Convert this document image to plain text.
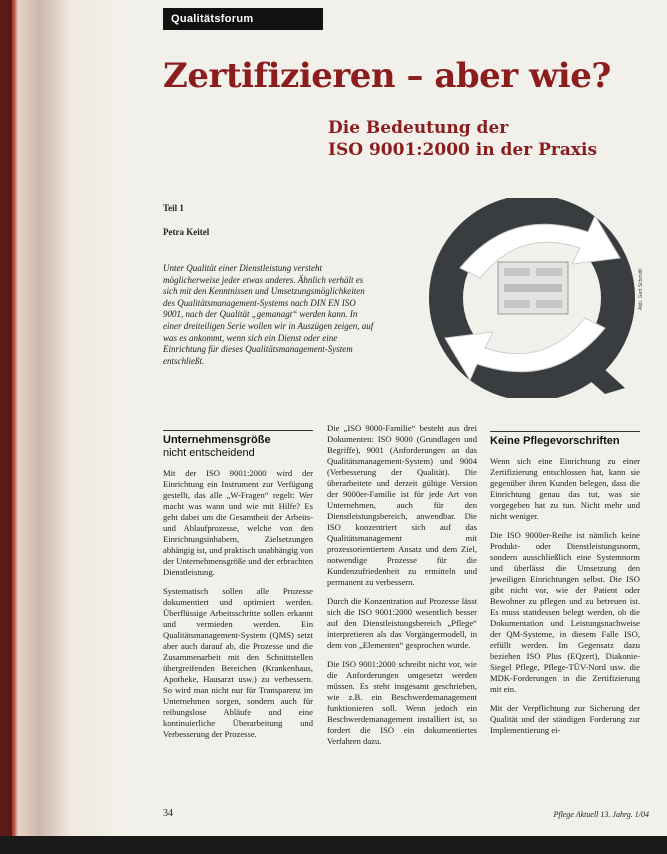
Qualitätsforum
Zertifizieren – aber wie?
Die Bedeutung der
ISO 9001:2000 in der Praxis
Teil 1
Petra Keitel

Unter Qualität einer Dienstleistung versteht möglicherweise jeder etwas anderes. Ähnlich verhält es sich mit den Kenntnissen und Umsetzungsmöglichkeiten des Qualitätsmanagement-Systems nach DIN EN ISO 9001, nach der Qualität „gemanagt“ werden kann. In einer dreiteiligen Serie wollen wir in Auszügen zeigen, auf was es ankommt, wenn sich ein Dienst oder eine Einrichtung für dieses Qualitätsmanagement-System entschließt.

Abb. Gert Schmidt
Unternehmensgröße
nicht entscheidend

Mit der ISO 9001:2000 wird der Einrichtung ein Instrument zur Verfügung gestellt, das alle „W-Fragen“ regelt: Wer macht was wann und wie mit Hilfe? Es geht dabei um die Gesamtheit der Arbeits- und Ablaufprozesse, welche von den Einrichtungsinhabern, Zielsetzungen abhängig ist, und praktisch unabhängig von der Unternehmensgröße und der erbrachten Dienstleistung.

Systematisch sollen alle Prozesse dokumentiert und optimiert werden. Überflüssige Arbeitsschritte sollen erkannt und vermieden werden. Ein Qualitätsmanagement-System (QMS) setzt aber auch darauf ab, die Prozesse und die Zusammenarbeit mit den Schnittstellen übergreifenden Bereichen (Krankenhaus, Apotheke, Hausarzt usw.) zu verbessern. So wird man nicht nur für Transparenz im Unternehmen sorgen, sondern auch für reibungslose Abläufe und eine kontinuierliche Überarbeitung und Verbesserung der Prozesse.

Die „ISO 9000-Familie“ besteht aus drei Dokumenten: ISO 9000 (Grundlagen und Begriffe), 9001 (Anforderungen an das Qualitätsmanagement-System) und 9004 (Verbesserung der Qualität). Die überarbeitete und derzeit gültige Version der 9000er-Familie ist für jede Art von Unternehmen, auch für den Dienstleistungsbereich, anwendbar. Die ISO konzentriert sich auf das Qualitätsmanagement mit prozessorientiertem Ansatz und dem Ziel, notwendige Prozesse für die Kundenzufriedenheit zu ermitteln und permanent zu verbessern.

Durch die Konzentration auf Prozesse lässt sich die ISO 9001:2000 wesentlich besser auf den Dienstleistungsbereich „Pflege“ interpretieren als das Vorgängermodell, in dem von „Elementen“ gesprochen wurde.

Die ISO 9001:2000 schreibt nicht vor, wie die Anforderungen umgesetzt werden müssen. Es steht insgesamt geschrieben, wie z.B. ein Beschwerdemanagement funktionieren soll. Wenn jedoch ein Beschwerdemanagement installiert ist, so fordert die ISO ein dokumentiertes Verfahren dazu.

Keine Pflegevorschriften

Wenn sich eine Einrichtung zu einer Zertifizierung entschlossen hat, kann sie gegenüber ihren Kunden belegen, dass die Einrichtung genau das tut, was sie vorgegeben hat zu tun. Nicht mehr und nicht weniger.

Die ISO 9000er-Reihe ist nämlich keine Produkt- oder Dienstleistungsnorm, sondern ausschließlich eine Systemnorm und überlässt die Umsetzung den jeweiligen Einrichtungen selbst. Die ISO gibt nicht vor, wie der Patient oder Bewohner zu pflegen und zu betreuen ist. Es muss stattdessen belegt werden, ob die Dokumentation und Leistungsnachweise der QM-Systeme, in diesem Falle ISO, erfüllt werden. Im Gegensatz dazu beziehen ISO Plus (EQzert), Diakonie-Siegel Pflege, Pflege-TÜV-Nord usw. die MDK-Forderungen in die Zertifizierung mit ein.

Mit der Verpflichtung zur Sicherung der Qualität und der ständigen Forderung zur Implementierung ei-

34	Pflege Aktuell 13. Jahrg. 1/04
